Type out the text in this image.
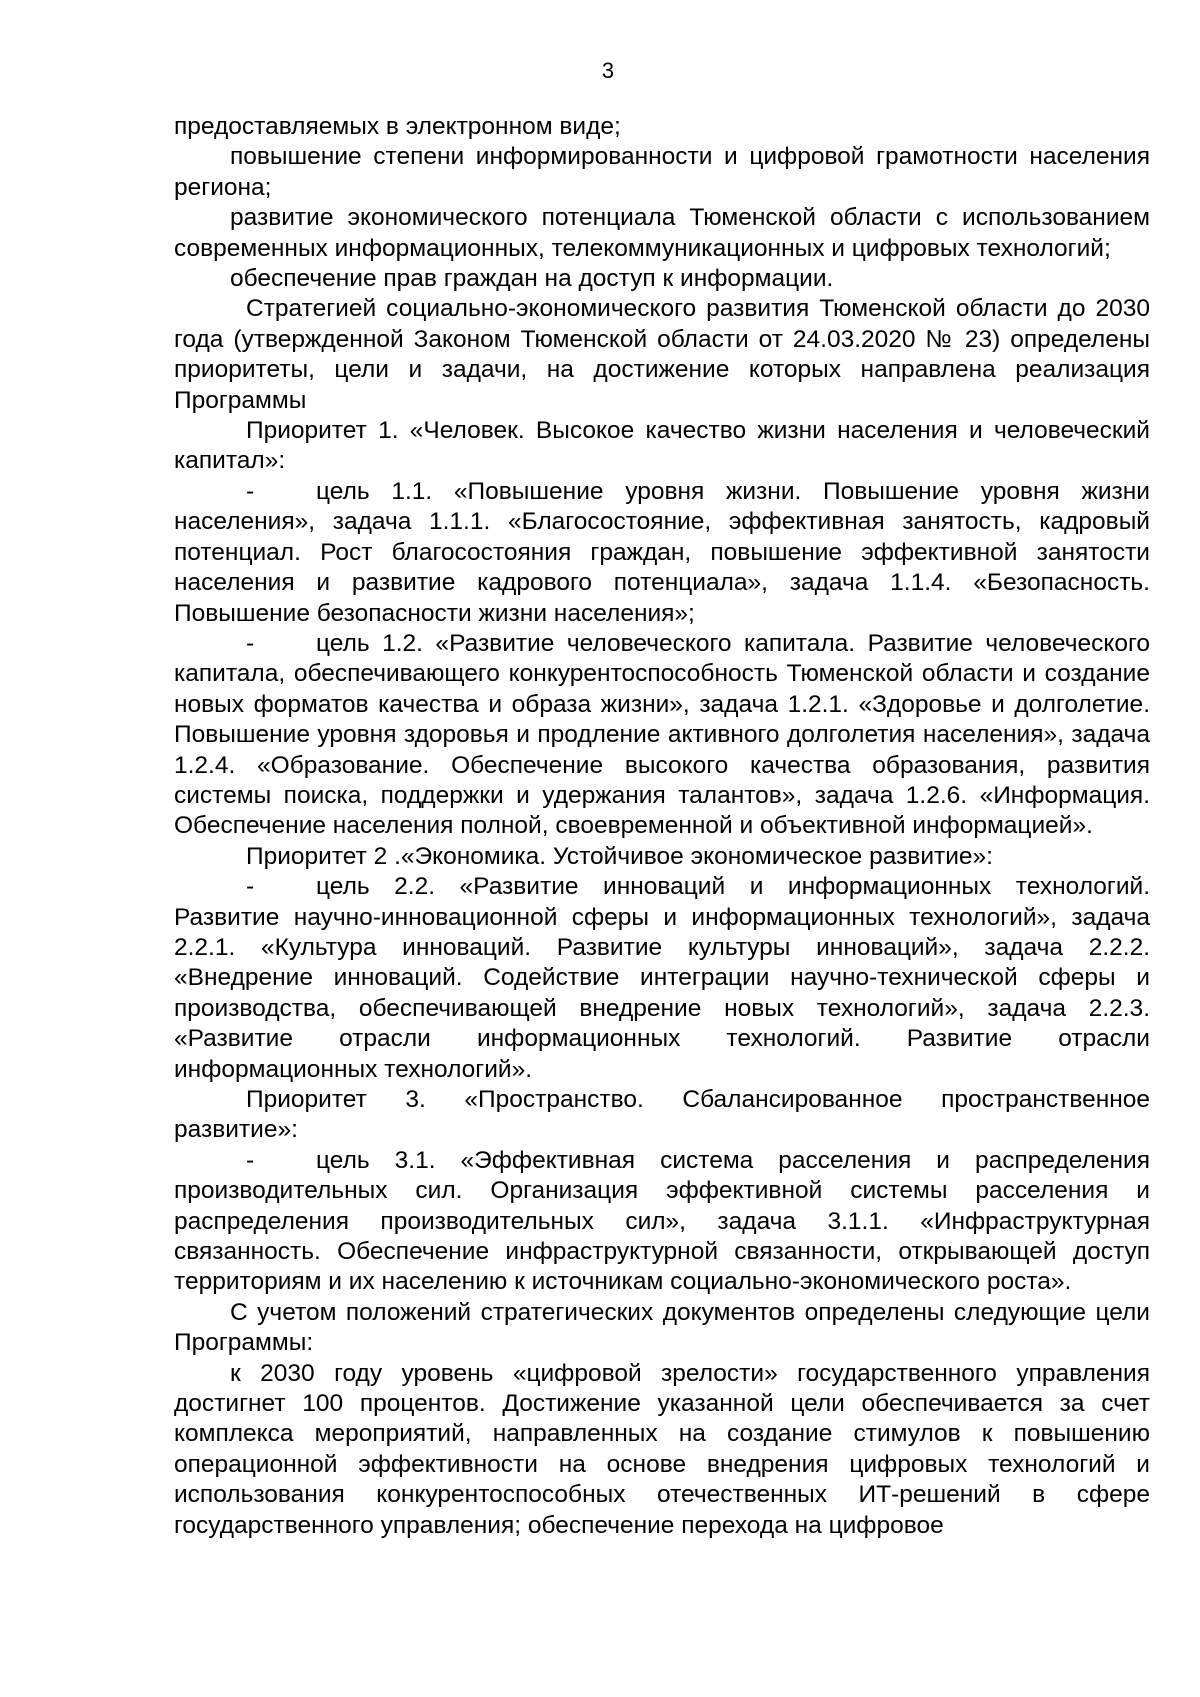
3

предоставляемых в электронном виде;

повышение степени информированности и цифровой грамотности населения региона;

развитие экономического потенциала Тюменской области с использованием современных информационных, телекоммуникационных и цифровых технологий;

обеспечение прав граждан на доступ к информации.

Стратегией социально-экономического развития Тюменской области до 2030 года (утвержденной Законом Тюменской области от 24.03.2020 № 23) определены приоритеты, цели и задачи, на достижение которых направлена реализация Программы

Приоритет 1. «Человек. Высокое качество жизни населения и человеческий капитал»:

-	цель 1.1. «Повышение уровня жизни. Повышение уровня жизни населения», задача 1.1.1. «Благосостояние, эффективная занятость, кадровый потенциал. Рост благосостояния граждан, повышение эффективной занятости населения и развитие кадрового потенциала», задача 1.1.4. «Безопасность. Повышение безопасности жизни населения»;

-	цель 1.2. «Развитие человеческого капитала. Развитие человеческого капитала, обеспечивающего конкурентоспособность Тюменской области и создание новых форматов качества и образа жизни», задача 1.2.1. «Здоровье и долголетие. Повышение уровня здоровья и продление активного долголетия населения», задача 1.2.4. «Образование. Обеспечение высокого качества образования, развития системы поиска, поддержки и удержания талантов», задача 1.2.6. «Информация. Обеспечение населения полной, своевременной и объективной информацией».

Приоритет 2 .«Экономика. Устойчивое экономическое развитие»:

-	цель 2.2. «Развитие инноваций и информационных технологий. Развитие научно-инновационной сферы и информационных технологий», задача 2.2.1. «Культура инноваций. Развитие культуры инноваций», задача 2.2.2. «Внедрение инноваций. Содействие интеграции научно-технической сферы и производства, обеспечивающей внедрение новых технологий», задача 2.2.3. «Развитие отрасли информационных технологий. Развитие отрасли информационных технологий».

Приоритет 3. «Пространство. Сбалансированное пространственное развитие»:

-	цель 3.1. «Эффективная система расселения и распределения производительных сил. Организация эффективной системы расселения и распределения производительных сил», задача 3.1.1. «Инфраструктурная связанность. Обеспечение инфраструктурной связанности, открывающей доступ территориям и их населению к источникам социально-экономического роста».

С учетом положений стратегических документов определены следующие цели Программы:

к 2030 году уровень «цифровой зрелости» государственного управления достигнет 100 процентов. Достижение указанной цели обеспечивается за счет комплекса мероприятий, направленных на создание стимулов к повышению операционной эффективности на основе внедрения цифровых технологий и использования конкурентоспособных отечественных ИТ-решений в сфере государственного управления; обеспечение перехода на цифровое
